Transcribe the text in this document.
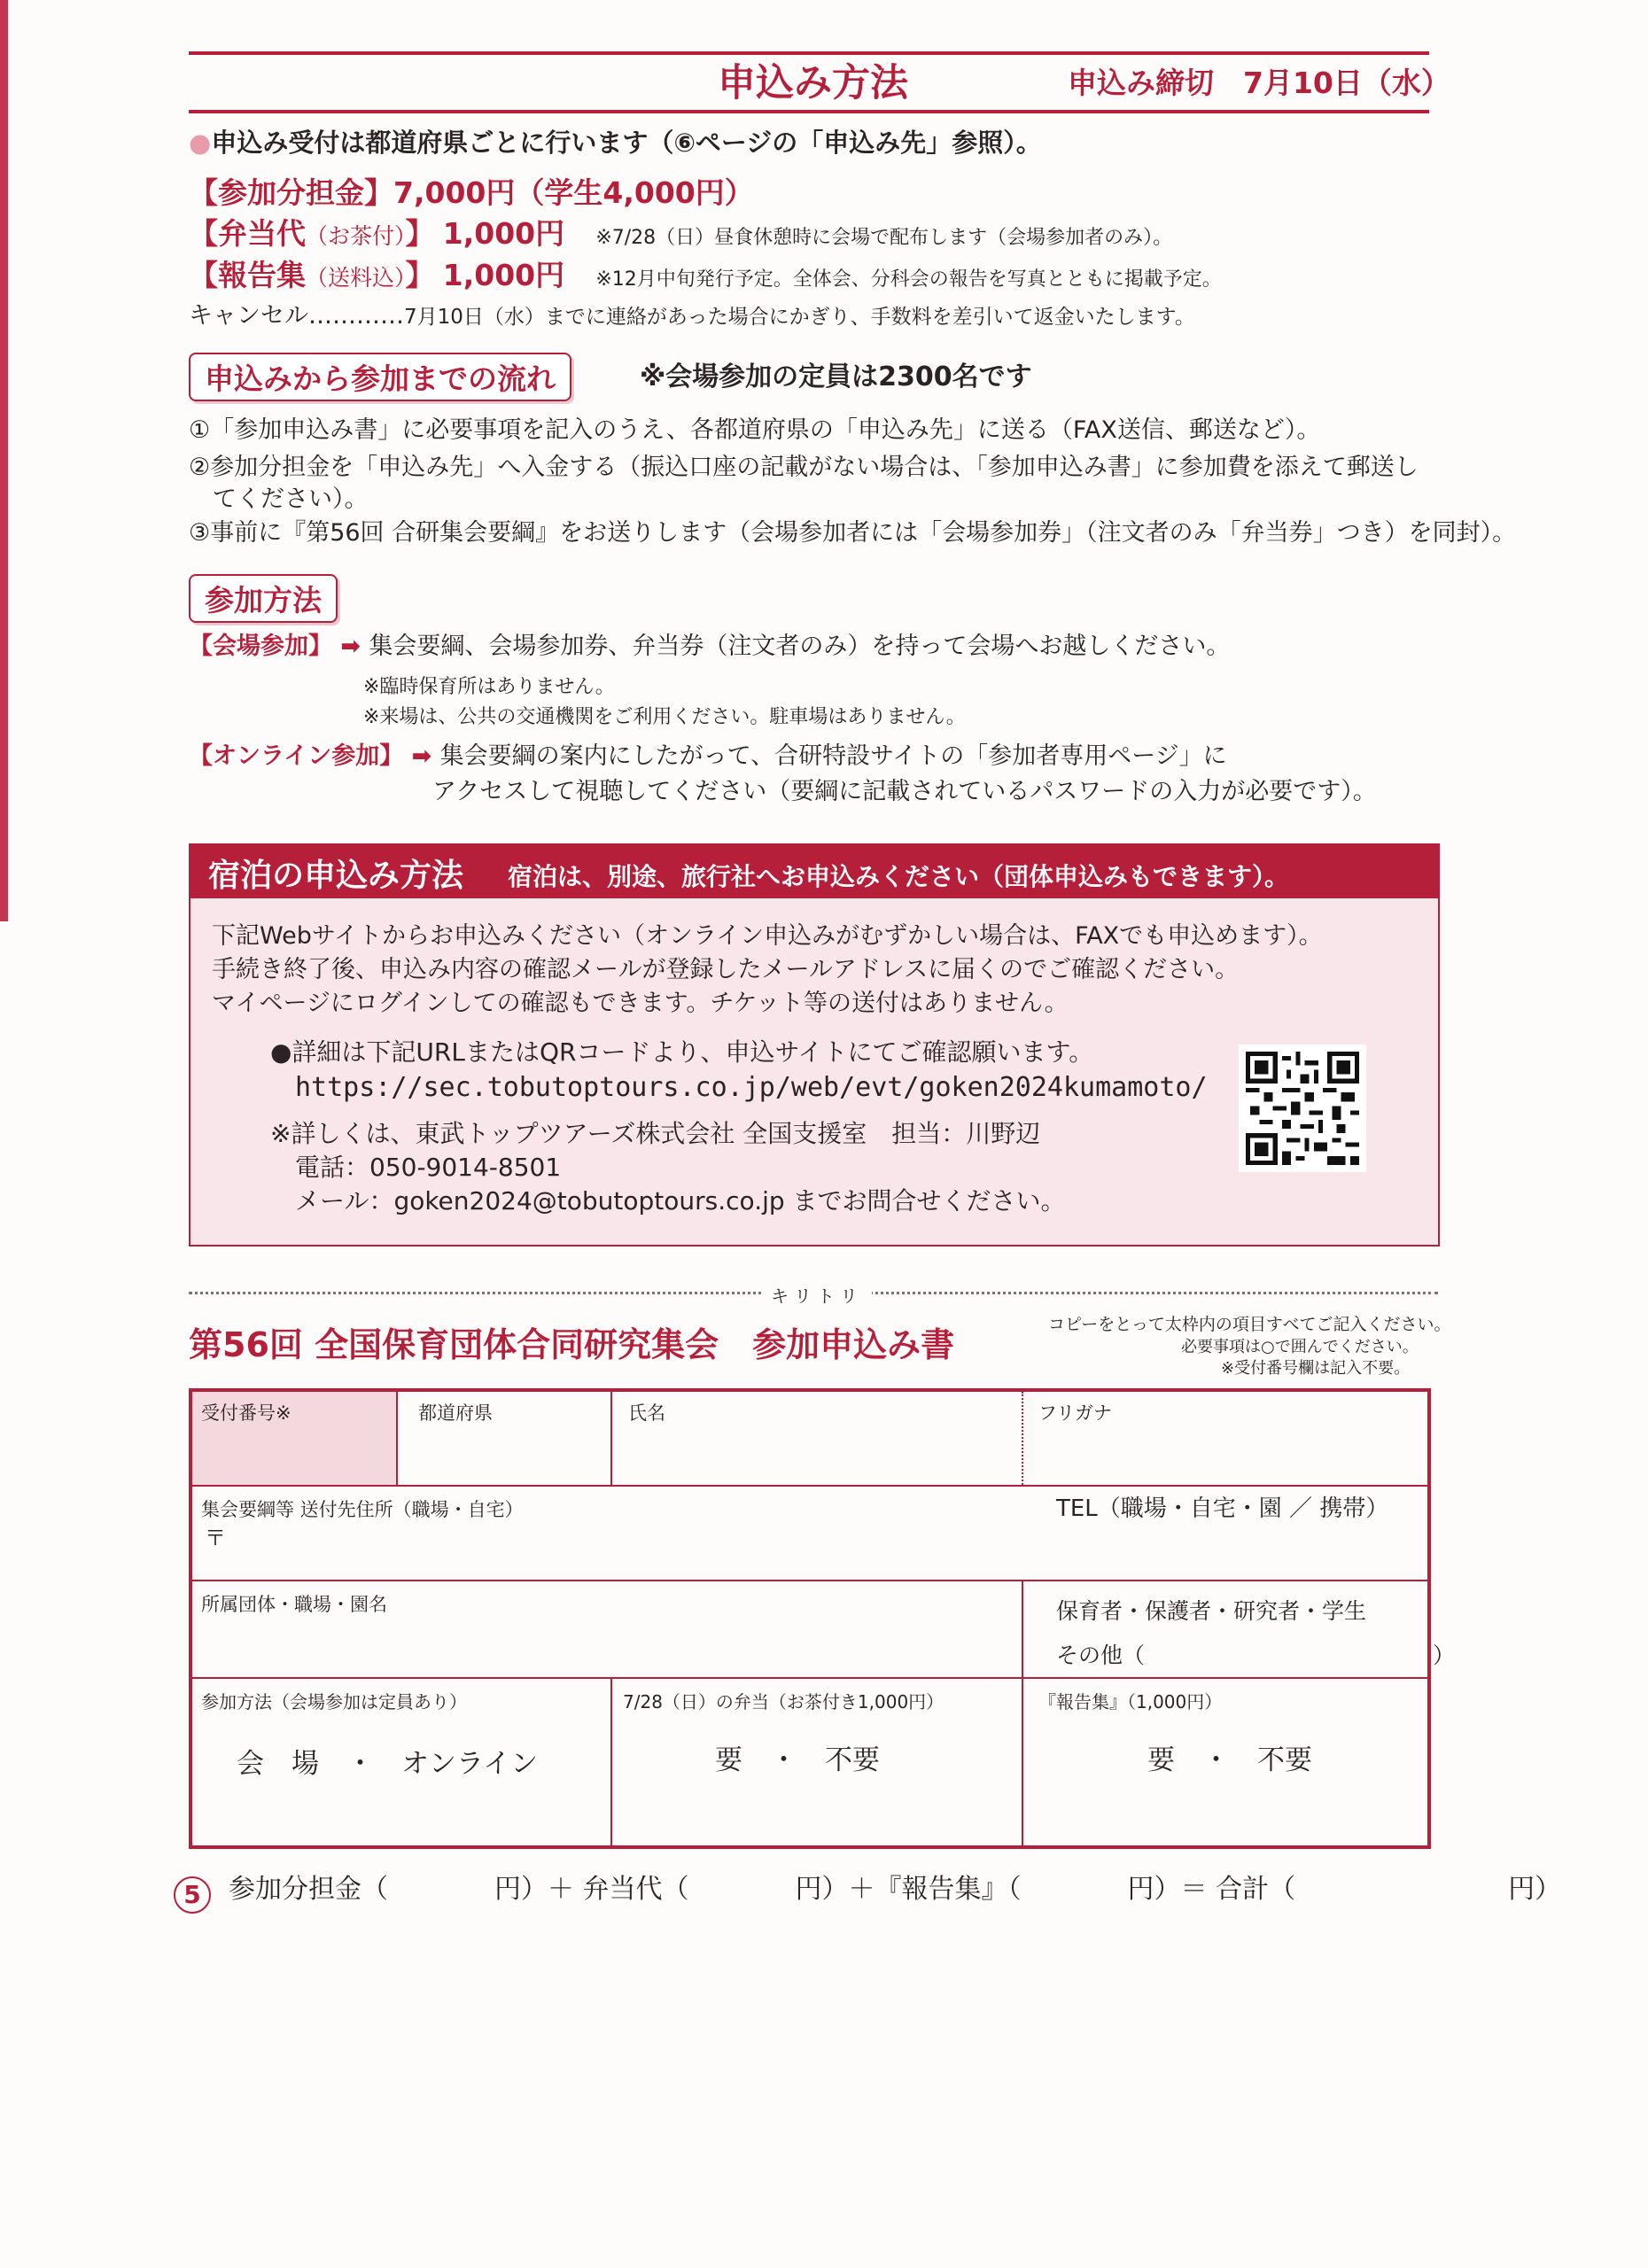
申込み方法	申込み締切　7月10日（水）
●申込み受付は都道府県ごとに行います（⑥ページの「申込み先」参照）。
【参加分担金】7,000円（学生4,000円）
【弁当代（お茶付）】 1,000円 ※7/28（日）昼食休憩時に会場で配布します（会場参加者のみ）。
【報告集（送料込）】 1,000円 ※12月中旬発行予定。全体会、分科会の報告を写真とともに掲載予定。
キャンセル…………7月10日（水）までに連絡があった場合にかぎり、手数料を差引いて返金いたします。
申込みから参加までの流れ	※会場参加の定員は2300名です
①「参加申込み書」に必要事項を記入のうえ、各都道府県の「申込み先」に送る（FAX送信、郵送など）。
②参加分担金を「申込み先」へ入金する（振込口座の記載がない場合は、「参加申込み書」に参加費を添えて郵送し
てください）。
③事前に『第56回 合研集会要綱』をお送りします（会場参加者には「会場参加券」（注文者のみ「弁当券」つき）を同封）。
参加方法
【会場参加】 ➡ 集会要綱、会場参加券、弁当券（注文者のみ）を持って会場へお越しください。
※臨時保育所はありません。
※来場は、公共の交通機関をご利用ください。駐車場はありません。
【オンライン参加】 ➡ 集会要綱の案内にしたがって、合研特設サイトの「参加者専用ページ」に
アクセスして視聴してください（要綱に記載されているパスワードの入力が必要です）。
宿泊の申込み方法 宿泊は、別途、旅行社へお申込みください（団体申込みもできます）。
下記Webサイトからお申込みください（オンライン申込みがむずかしい場合は、FAXでも申込めます）。
手続き終了後、申込み内容の確認メールが登録したメールアドレスに届くのでご確認ください。
マイページにログインしての確認もできます。チケット等の送付はありません。
●詳細は下記URLまたはQRコードより、申込サイトにてご確認願います。
https://sec.tobutoptours.co.jp/web/evt/goken2024kumamoto/
※詳しくは、東武トップツアーズ株式会社 全国支援室　担当：川野辺
電話：050-9014-8501
メール：goken2024@tobutoptours.co.jp までお問合せください。
キリトリ
第56回 全国保育団体合同研究集会　参加申込み書
コピーをとって太枠内の項目すべてご記入ください。
必要事項は○で囲んでください。
※受付番号欄は記入不要。
受付番号※	都道府県	氏名	フリガナ
集会要綱等 送付先住所（職場・自宅）
〒
TEL（職場・自宅・園 ／ 携帯）
所属団体・職場・園名	保育者・保護者・研究者・学生
その他（　　　　　　　　　　　　　）
参加方法（会場参加は定員あり）
会　場　・　オンライン
7/28（日）の弁当（お茶付き1,000円）
要　・　不要
『報告集』（1,000円）
要　・　不要
5	参加分担金（　　　　円）＋ 弁当代（　　　　円）＋『報告集』（　　　　円）＝ 合計（　　　　　　　　円）
